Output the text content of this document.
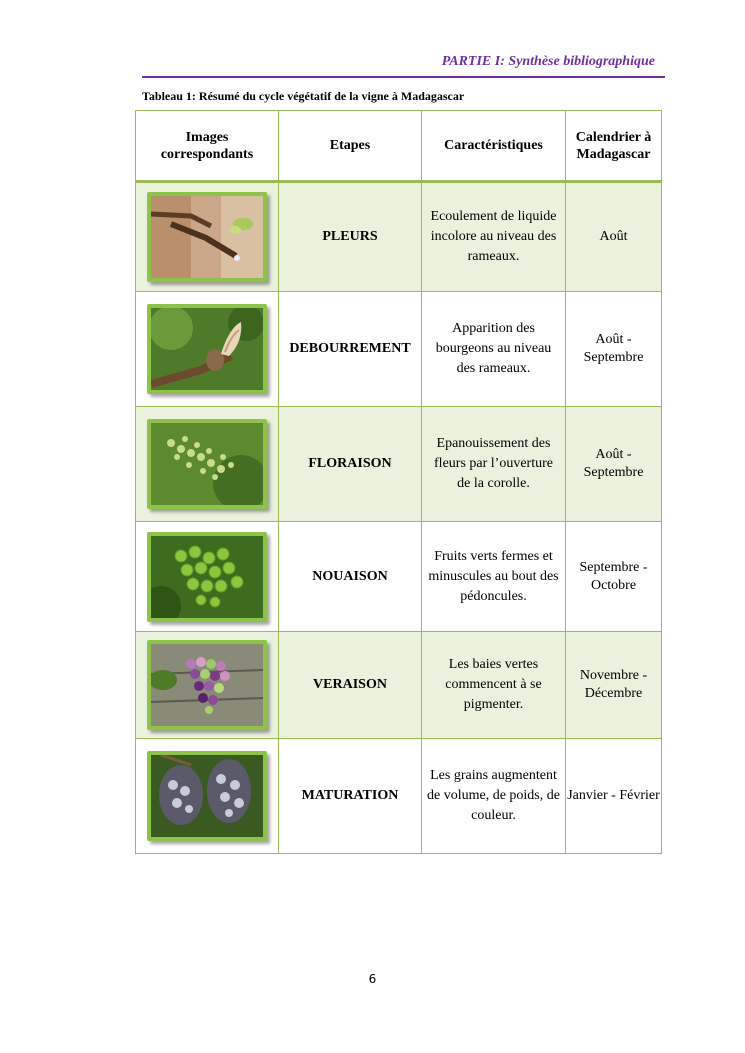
PARTIE I: Synthèse bibliographique
Tableau 1: Résumé du cycle végétatif de la vigne à Madagascar
Images correspondants	Etapes	Caractéristiques	Calendrier à Madagascar

	PLEURS	Ecoulement de liquide incolore au niveau des rameaux.	Août

	DEBOURREMENT	Apparition des bourgeons au niveau des rameaux.	Août - Septembre

	FLORAISON	Epanouissement des fleurs par l’ouverture de la corolle.	Août - Septembre

	NOUAISON	Fruits verts fermes et minuscules au bout des pédoncules.	Septembre - Octobre

	VERAISON	Les baies vertes commencent à se pigmenter.	Novembre - Décembre

	MATURATION	Les grains augmentent de volume, de poids, de couleur.	Janvier - Février
6
